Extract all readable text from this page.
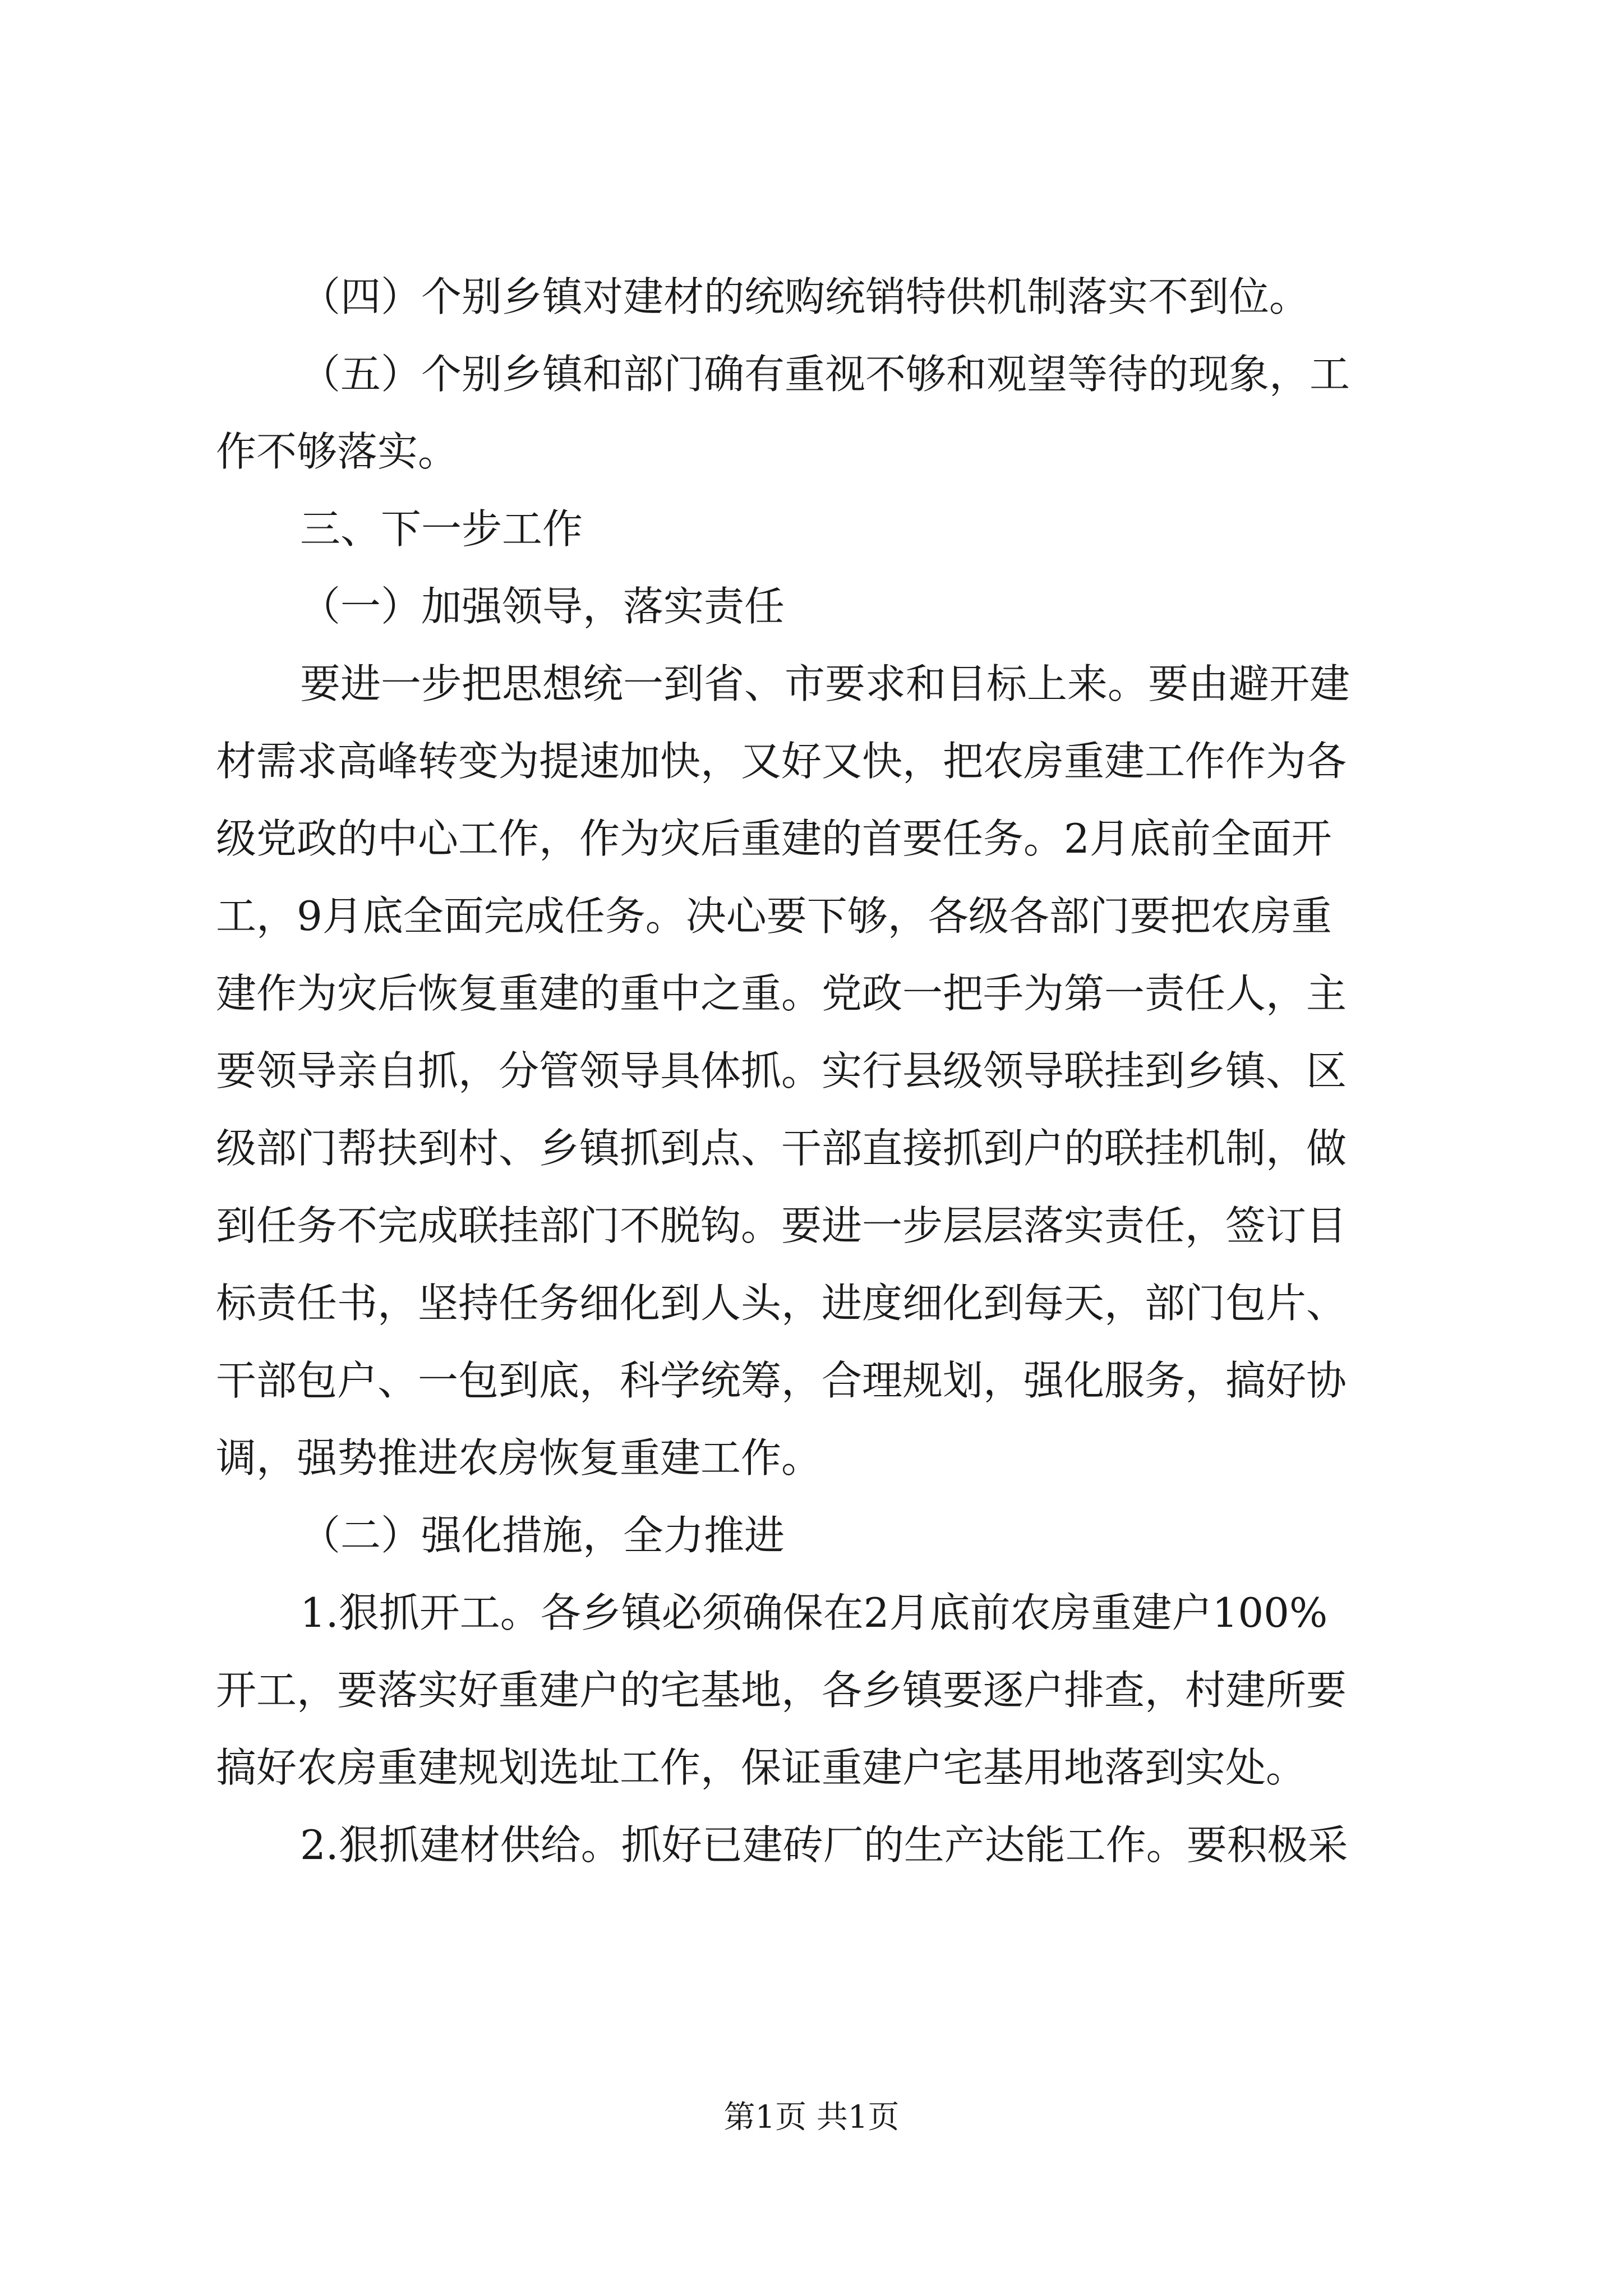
（四）个别乡镇对建材的统购统销特供机制落实不到位。
（五）个别乡镇和部门确有重视不够和观望等待的现象，工
作不够落实。
三、下一步工作
（一）加强领导，落实责任
要进一步把思想统一到省、市要求和目标上来。要由避开建
材需求高峰转变为提速加快，又好又快，把农房重建工作作为各
级党政的中心工作，作为灾后重建的首要任务。2月底前全面开
工，9月底全面完成任务。决心要下够，各级各部门要把农房重
建作为灾后恢复重建的重中之重。党政一把手为第一责任人，主
要领导亲自抓，分管领导具体抓。实行县级领导联挂到乡镇、区
级部门帮扶到村、乡镇抓到点、干部直接抓到户的联挂机制，做
到任务不完成联挂部门不脱钩。要进一步层层落实责任，签订目
标责任书，坚持任务细化到人头，进度细化到每天，部门包片、
干部包户、一包到底，科学统筹，合理规划，强化服务，搞好协
调，强势推进农房恢复重建工作。
（二）强化措施，全力推进
1.狠抓开工。各乡镇必须确保在2月底前农房重建户100%
开工，要落实好重建户的宅基地，各乡镇要逐户排查，村建所要
搞好农房重建规划选址工作，保证重建户宅基用地落到实处。
2.狠抓建材供给。抓好已建砖厂的生产达能工作。要积极采
第1页 共1页
